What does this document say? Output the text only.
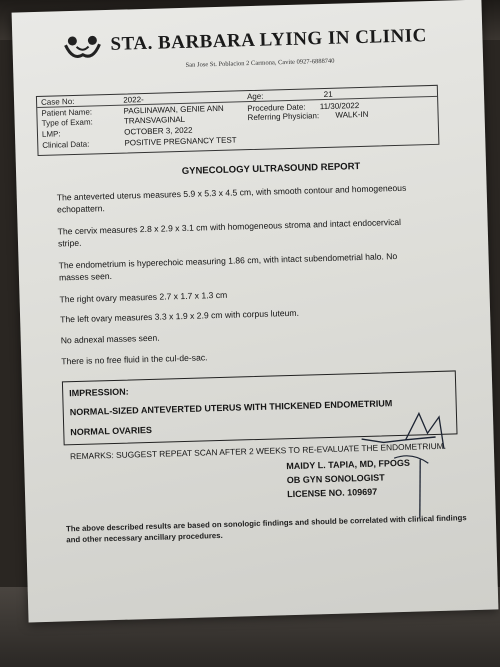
STA. BARBARA LYING IN CLINIC
San Jose St. Poblacion 2 Carmona, Cavite 0927-6888740
Case No:	2022-	Age:	21
Patient Name:	PAGLINAWAN, GENIE ANN	Procedure Date: 11/30/2022
Type of Exam:	TRANSVAGINAL	Referring Physician: WALK-IN
LMP:	OCTOBER 3, 2022
Clinical Data:	POSITIVE PREGNANCY TEST
GYNECOLOGY ULTRASOUND REPORT
The anteverted uterus measures 5.9 x 5.3 x 4.5 cm, with smooth contour and homogeneous
echopattern.
The cervix measures 2.8 x 2.9 x 3.1 cm with homogeneous stroma and intact endocervical
stripe.
The endometrium is hyperechoic measuring 1.86 cm, with intact subendometrial halo. No
masses seen.
The right ovary measures 2.7 x 1.7 x 1.3 cm
The left ovary measures 3.3 x 1.9 x 2.9 cm with corpus luteum.
No adnexal masses seen.
There is no free fluid in the cul-de-sac.
IMPRESSION:
NORMAL-SIZED ANTEVERTED UTERUS WITH THICKENED ENDOMETRIUM
NORMAL OVARIES
REMARKS: SUGGEST REPEAT SCAN AFTER 2 WEEKS TO RE-EVALUATE THE ENDOMETRIUM.
MAIDY L. TAPIA, MD, FPOGS
OB GYN SONOLOGIST
LICENSE NO. 109697
The above described results are based on sonologic findings and should be correlated with clinical findings
and other necessary ancillary procedures.
